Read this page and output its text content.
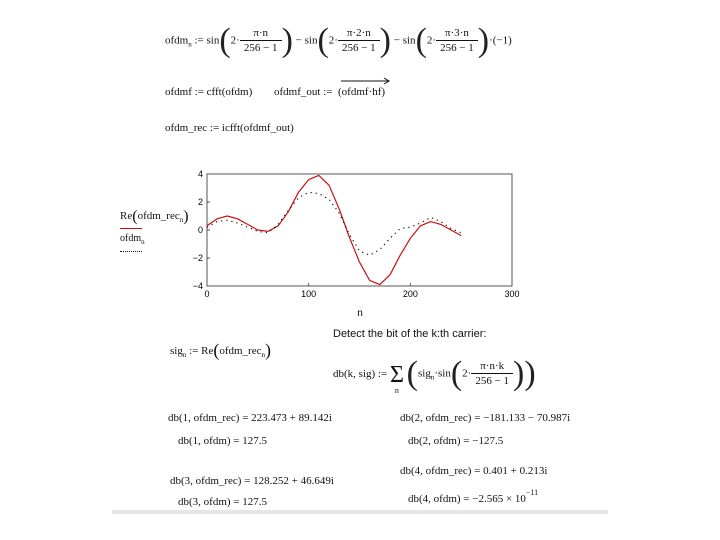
ofdm$_n$ := $\sin(2\cdot \frac{\pi\cdot n}{256 - 1}$ ) − $\sin(2\cdot \frac{\pi\cdot 2\cdot n}{256 - 1}$ ) − $\sin(2\cdot \frac{\pi\cdot 3\cdot n}{256 - 1} )\cdot(-1)$
ofdmf := cfft(ofdm) ofdmf_out := (ofdmf·hf)
ofdm_rec := icfft(ofdmf_out)
Re(ofdm_rec$_n$)
ofdm$_n$
0	100	200	300
4
2
0
−2
−4
n
sig$_n$ := Re(ofdm_rec$_n$)
Detect the bit of the k:th carrier:
db(k, sig) := Σ
n ($sig_n\cdot\sin(2\cdot \frac{\pi\cdot n\cdot k}{256 - 1}$ ))
db(1, ofdm_rec) = 223.473 + 89.142i
db(1, ofdm) = 127.5
db(2, ofdm_rec) = −181.133 − 70.987i
db(2, ofdm) = −127.5
db(3, ofdm_rec) = 128.252 + 46.649i
db(3, ofdm) = 127.5
db(4, ofdm_rec) = 0.401 + 0.213i
db(4, ofdm) = $-2.565 \times 10^{-11}$
